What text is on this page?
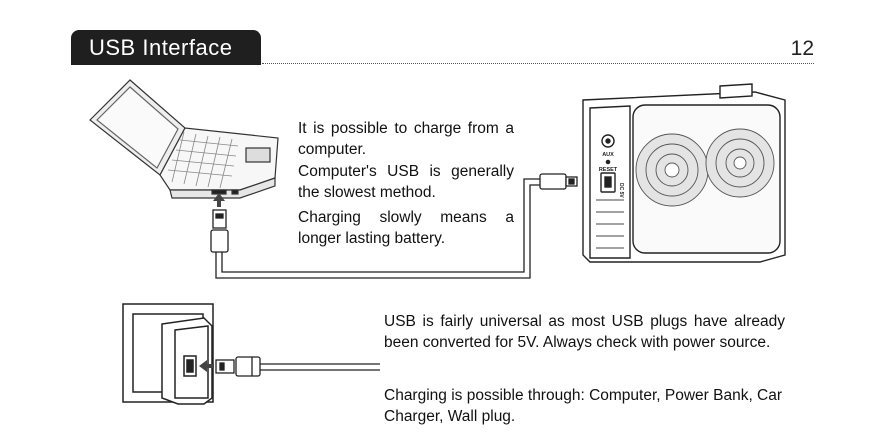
USB Interface	12
AUX
RESET
DC 5V
It is possible to charge from a computer.
Computer's USB is generally the slowest method.
Charging slowly means a longer lasting battery.
USB is fairly universal as most USB plugs have already been converted for 5V. Always check with power source.
Charging is possible through: Computer, Power Bank, Car Charger, Wall plug.
